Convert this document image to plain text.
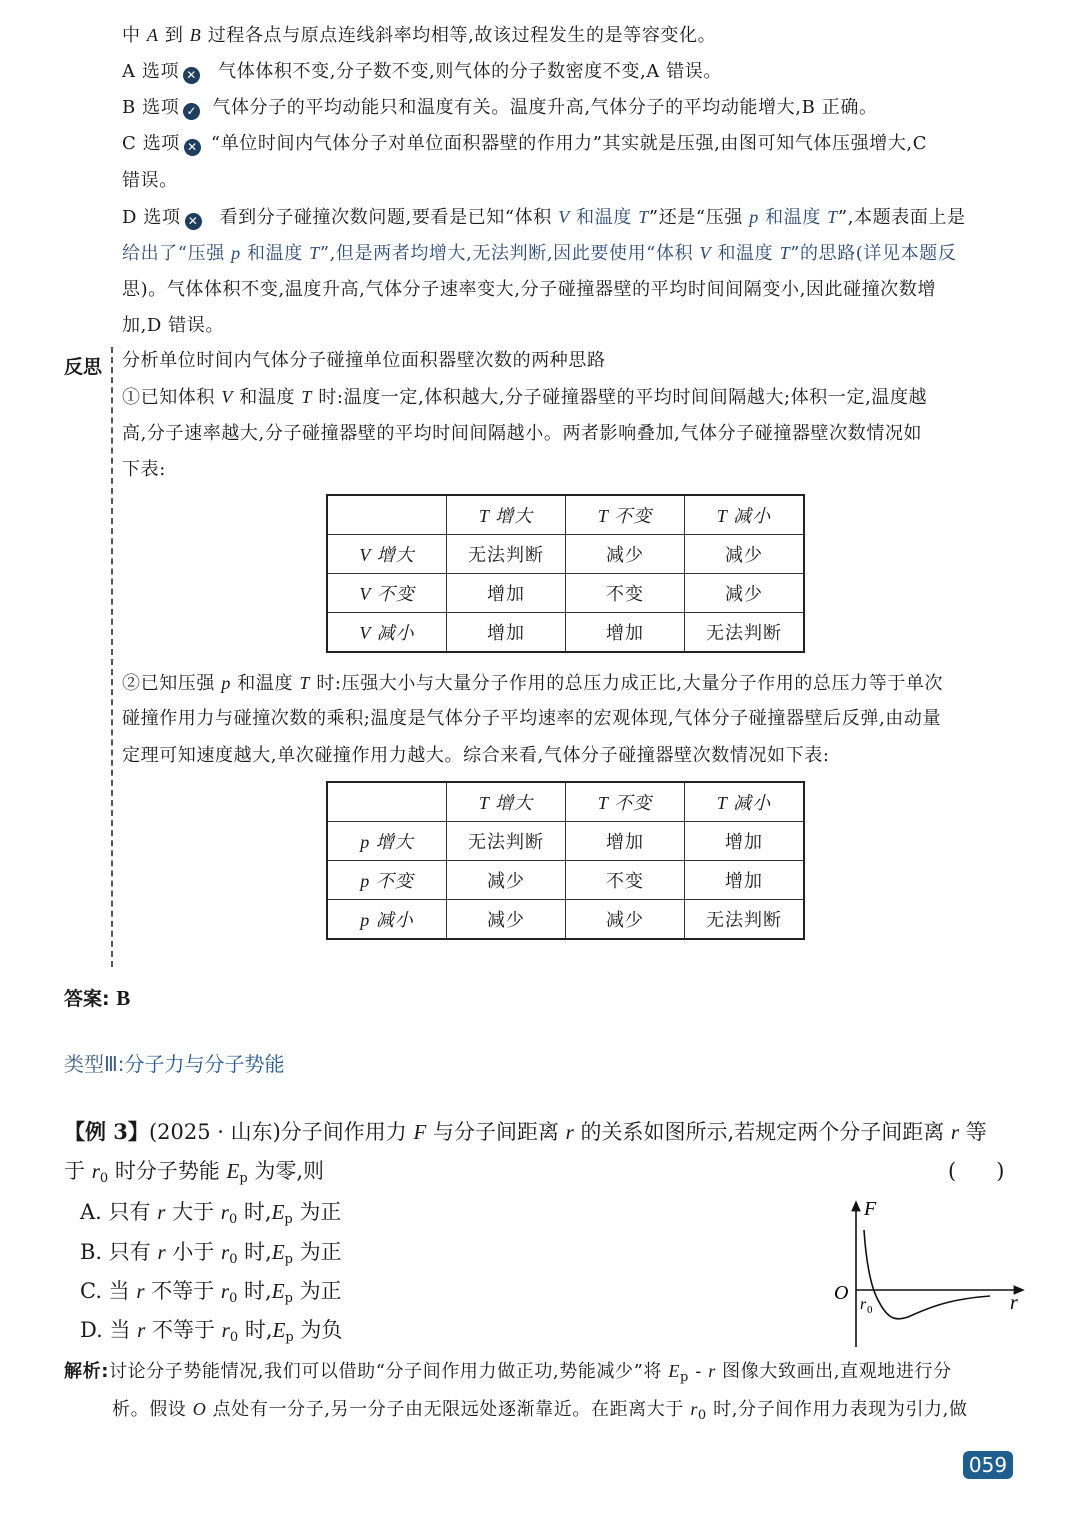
中 A 到 B 过程各点与原点连线斜率均相等,故该过程发生的是等容变化。
A 选项 ✕ 气体体积不变,分子数不变,则气体的分子数密度不变,A 错误。
B 选项 ✓ 气体分子的平均动能只和温度有关。温度升高,气体分子的平均动能增大,B 正确。
C 选项 ✕ “单位时间内气体分子对单位面积器壁的作用力”其实就是压强,由图可知气体压强增大,C
错误。
D 选项 ✕ 看到分子碰撞次数问题,要看是已知“体积 V 和温度 T”还是“压强 p 和温度 T”,本题表面上是
给出了“压强 p 和温度 T”,但是两者均增大,无法判断,因此要使用“体积 V 和温度 T”的思路(详见本题反
思)。气体体积不变,温度升高,气体分子速率变大,分子碰撞器壁的平均时间间隔变小,因此碰撞次数增
加,D 错误。
反思 分析单位时间内气体分子碰撞单位面积器壁次数的两种思路
①已知体积 V 和温度 T 时:温度一定,体积越大,分子碰撞器壁的平均时间间隔越大;体积一定,温度越
高,分子速率越大,分子碰撞器壁的平均时间间隔越小。两者影响叠加,气体分子碰撞器壁次数情况如
下表:
	T 增大	T 不变	T 减小
V 增大	无法判断	减少	减少
V 不变	增加	不变	减少
V 减小	增加	增加	无法判断
②已知压强 p 和温度 T 时:压强大小与大量分子作用的总压力成正比,大量分子作用的总压力等于单次
碰撞作用力与碰撞次数的乘积;温度是气体分子平均速率的宏观体现,气体分子碰撞器壁后反弹,由动量
定理可知速度越大,单次碰撞作用力越大。综合来看,气体分子碰撞器壁次数情况如下表:
	T 增大	T 不变	T 减小
p 增大	无法判断	增加	增加
p 不变	减少	不变	增加
p 减小	减少	减少	无法判断
答案: B
类型Ⅲ:分子力与分子势能
【例 3】(2025 · 山东)分子间作用力 F 与分子间距离 r 的关系如图所示,若规定两个分子间距离 r 等
于 $r_0$ 时分子势能 $E_p$ 为零,则	(      )
A. 只有 r 大于 $r_0$ 时$,E_p$ 为正
B. 只有 r 小于 $r_0$ 时$,E_p$ 为正
C. 当 r 不等于 $r_0$ 时$,E_p$ 为正
D. 当 r 不等于 $r_0$ 时$,E_p$ 为负
F
O	r
r 0
解析:讨论分子势能情况,我们可以借助“分子间作用力做正功,势能减少”将 $E_p$ - r 图像大致画出,直观地进行分
析。假设 O 点处有一分子,另一分子由无限远处逐渐靠近。在距离大于 $r_0$ 时,分子间作用力表现为引力,做
059
